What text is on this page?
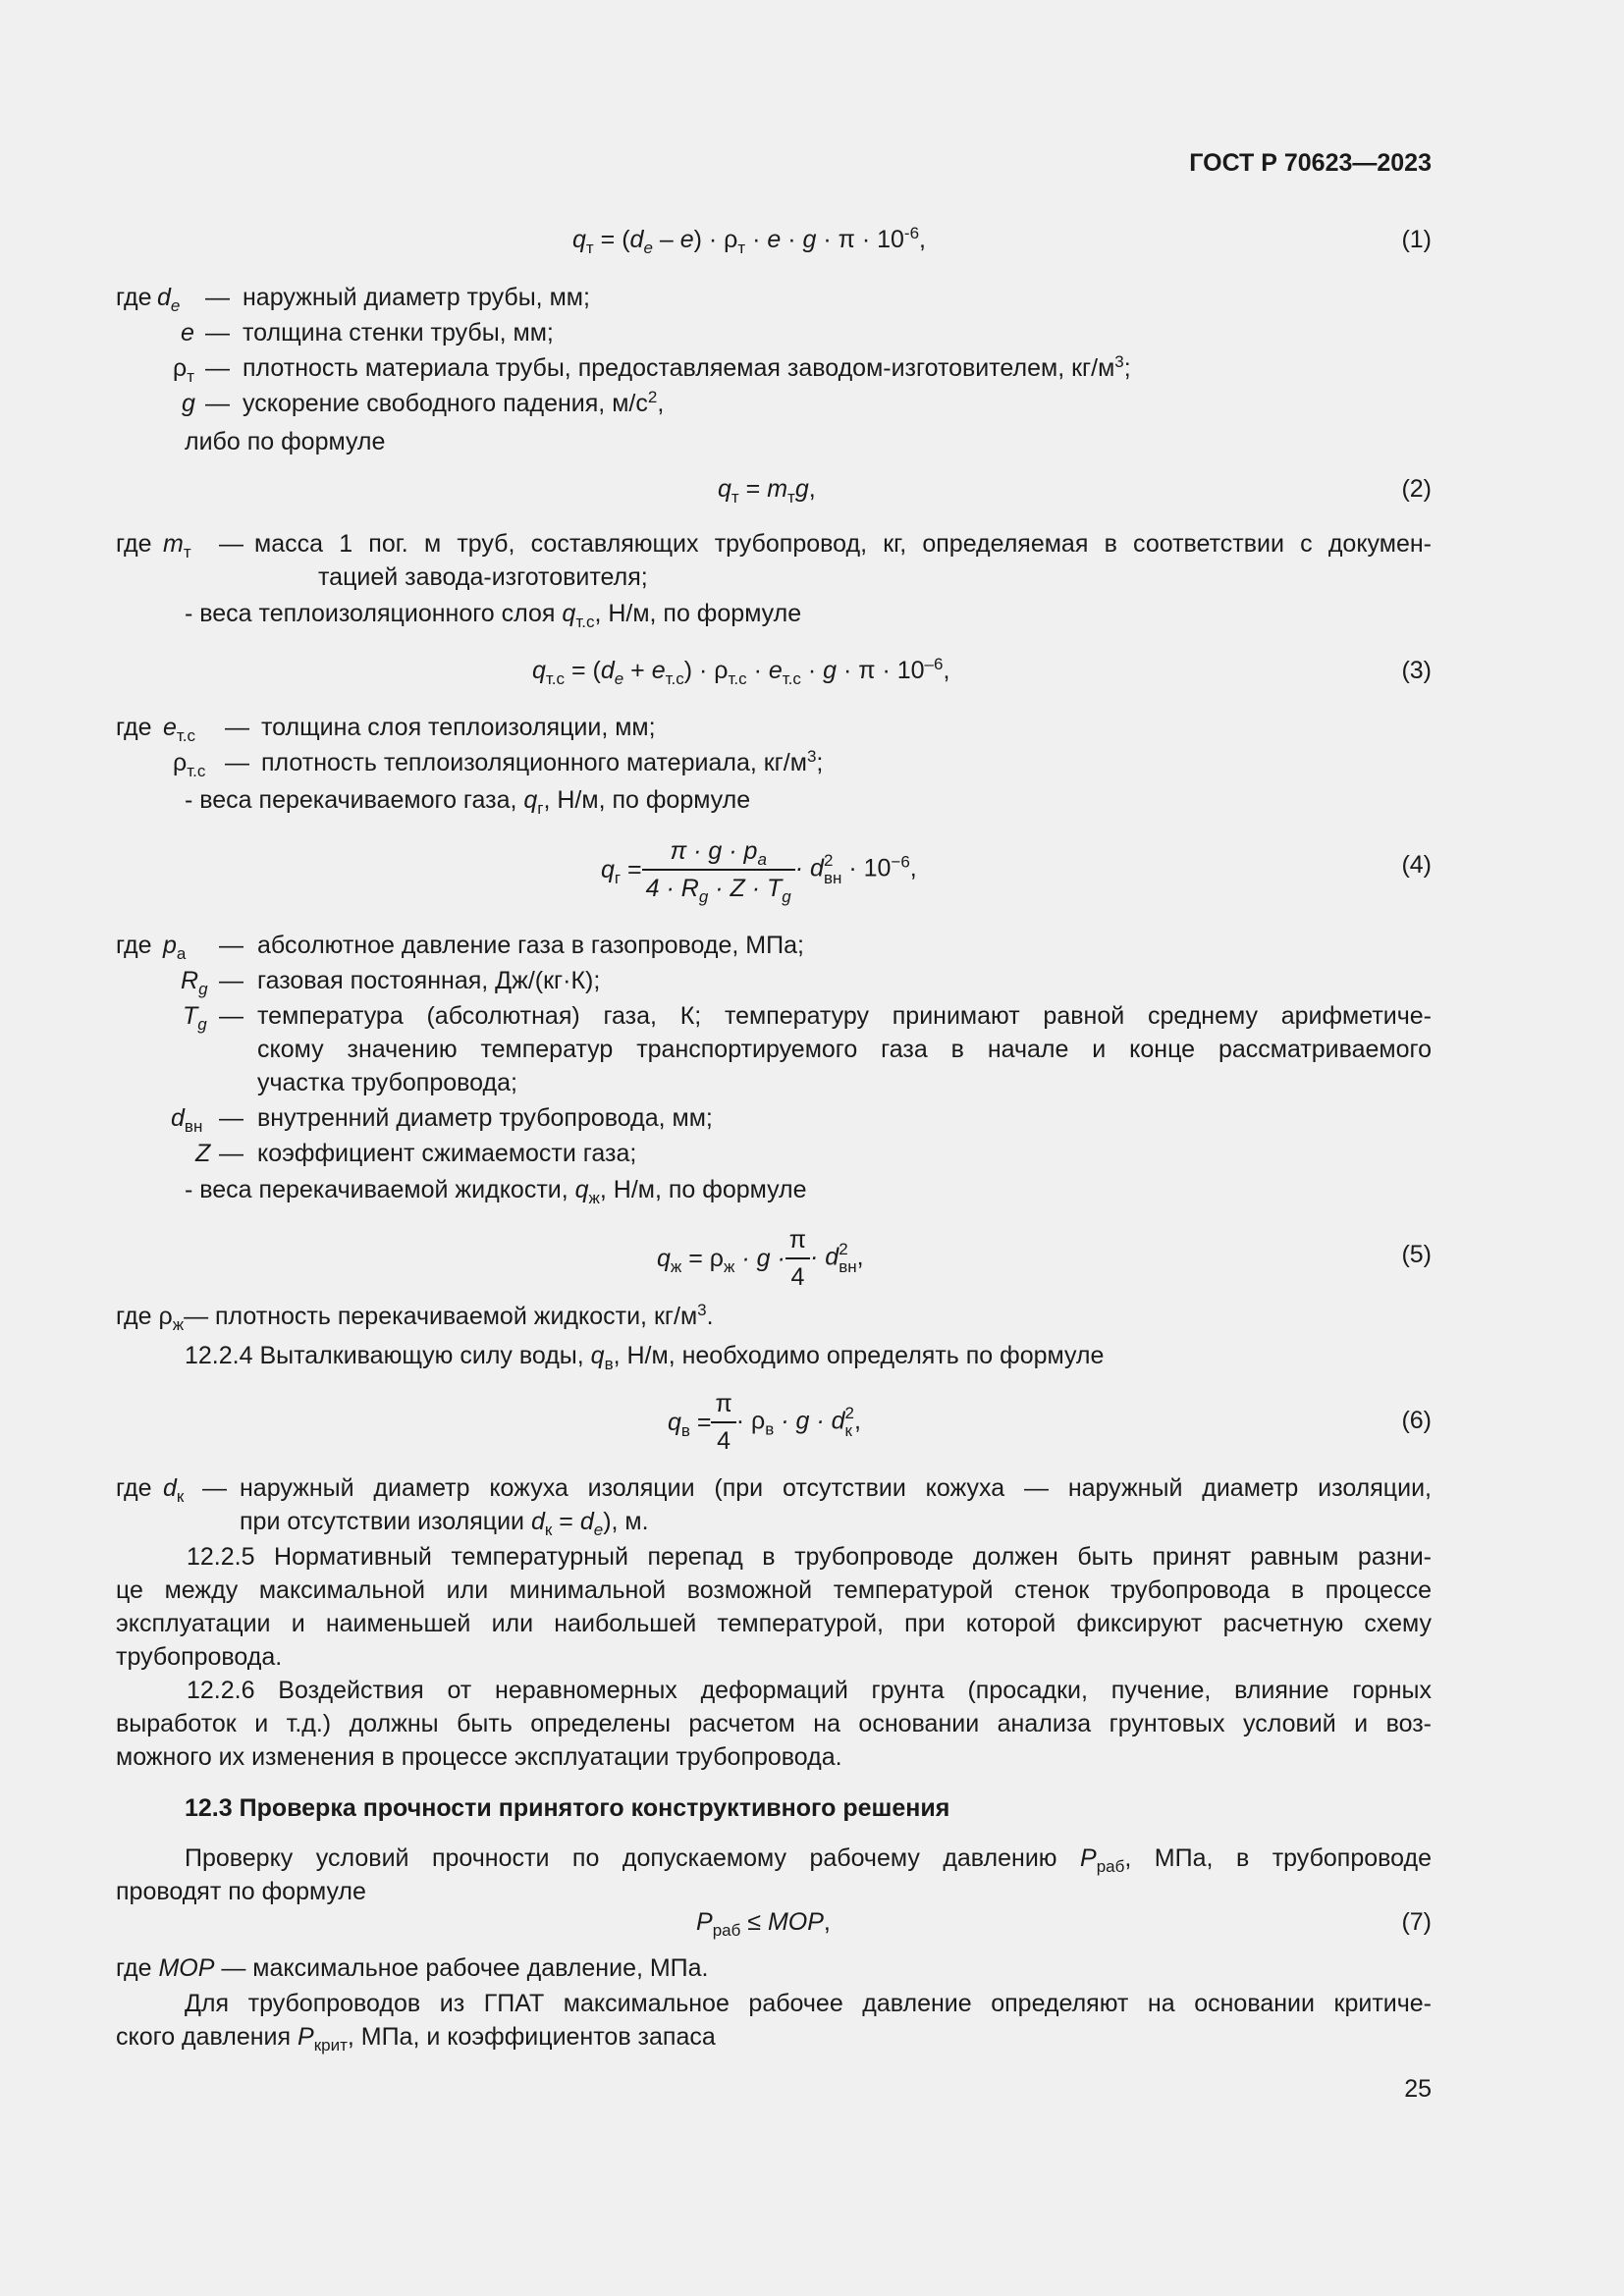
ГОСТ Р 70623—2023
$q_т = (d_e - e) \cdot \rho_т \cdot e \cdot g \cdot \pi \cdot 10^{-6}$,	(1)
где $d_e$ — наружный диаметр трубы, мм;
e — толщина стенки трубы, мм;
$\rho_т$ — плотность материала трубы, предоставляемая заводом-изготовителем, $кг/м^3$;
g — ускорение свободного падения, $м/с^2$,
либо по формуле
$q_т = m_тg$,	(2)
где $m_т$ — масса 1 пог. м труб, составляющих трубопровод, кг, определяемая в соответствии с докумен-
тацией завода-изготовителя;
- веса теплоизоляционного слоя $q_{т.с}$, Н/м, по формуле
$q_{т.с} = (d_e + e_{т.с}) \cdot \rho_{т.с} \cdot e_{т.с} \cdot g \cdot \pi \cdot 10^{-6}$,	(3)
где $e_{т.с}$ — толщина слоя теплоизоляции, мм;
$\rho_{т.с}$ — плотность теплоизоляционного материала, $кг/м^3$;
- веса перекачиваемого газа, $q_г$, Н/м, по формуле
$q_г = \frac{\pi \cdot g \cdot p_a}{4 \cdot R_g \cdot Z \cdot T_g} \cdot d$ 2
вн · $10^{-6}$,	(4)
где $p_a$ — абсолютное давление газа в газопроводе, МПа;
$R_g$ — газовая постоянная, Дж/(кг·К);
$T_g$ — температура (абсолютная) газа, К; температуру принимают равной среднему арифметиче-
скому значению температур транспортируемого газа в начале и конце рассматриваемого
участка трубопровода;
$d_{вн}$ — внутренний диаметр трубопровода, мм;
Z — коэффициент сжимаемости газа;
- веса перекачиваемой жидкости, $q_ж$, Н/м, по формуле
$q_ж = \rho_ж \cdot g \cdot \frac{\pi}{4} \cdot d$ 2
вн ,	(5)
где $\rho_ж—$ плотность перекачиваемой жидкости, $кг/м^3$.
12.2.4 Выталкивающую силу воды, $q_в$, Н/м, необходимо определять по формуле
$q_в = \frac{\pi}{4} \cdot \rho_в \cdot g \cdot d$ 2
к ,	(6)
где $d_к$ — наружный диаметр кожуха изоляции (при отсутствии кожуха — наружный диаметр изоляции,
при отсутствии изоляции $d_к = d_e$), м.
12.2.5 Нормативный температурный перепад в трубопроводе должен быть принят равным разни-
це между максимальной или минимальной возможной температурой стенок трубопровода в процессе
эксплуатации и наименьшей или наибольшей температурой, при которой фиксируют расчетную схему
трубопровода.
12.2.6 Воздействия от неравномерных деформаций грунта (просадки, пучение, влияние горных
выработок и т.д.) должны быть определены расчетом на основании анализа грунтовых условий и воз-
можного их изменения в процессе эксплуатации трубопровода.
12.3 Проверка прочности принятого конструктивного решения
Проверку условий прочности по допускаемому рабочему давлению $P_{раб}$, МПа, в трубопроводе
проводят по формуле
$P_{раб}$ ≤ MOP,	(7)
где MOP — максимальное рабочее давление, МПа.
Для трубопроводов из ГПАТ максимальное рабочее давление определяют на основании критиче-
ского давления $P_{крит}$, МПа, и коэффициентов запаса
25
